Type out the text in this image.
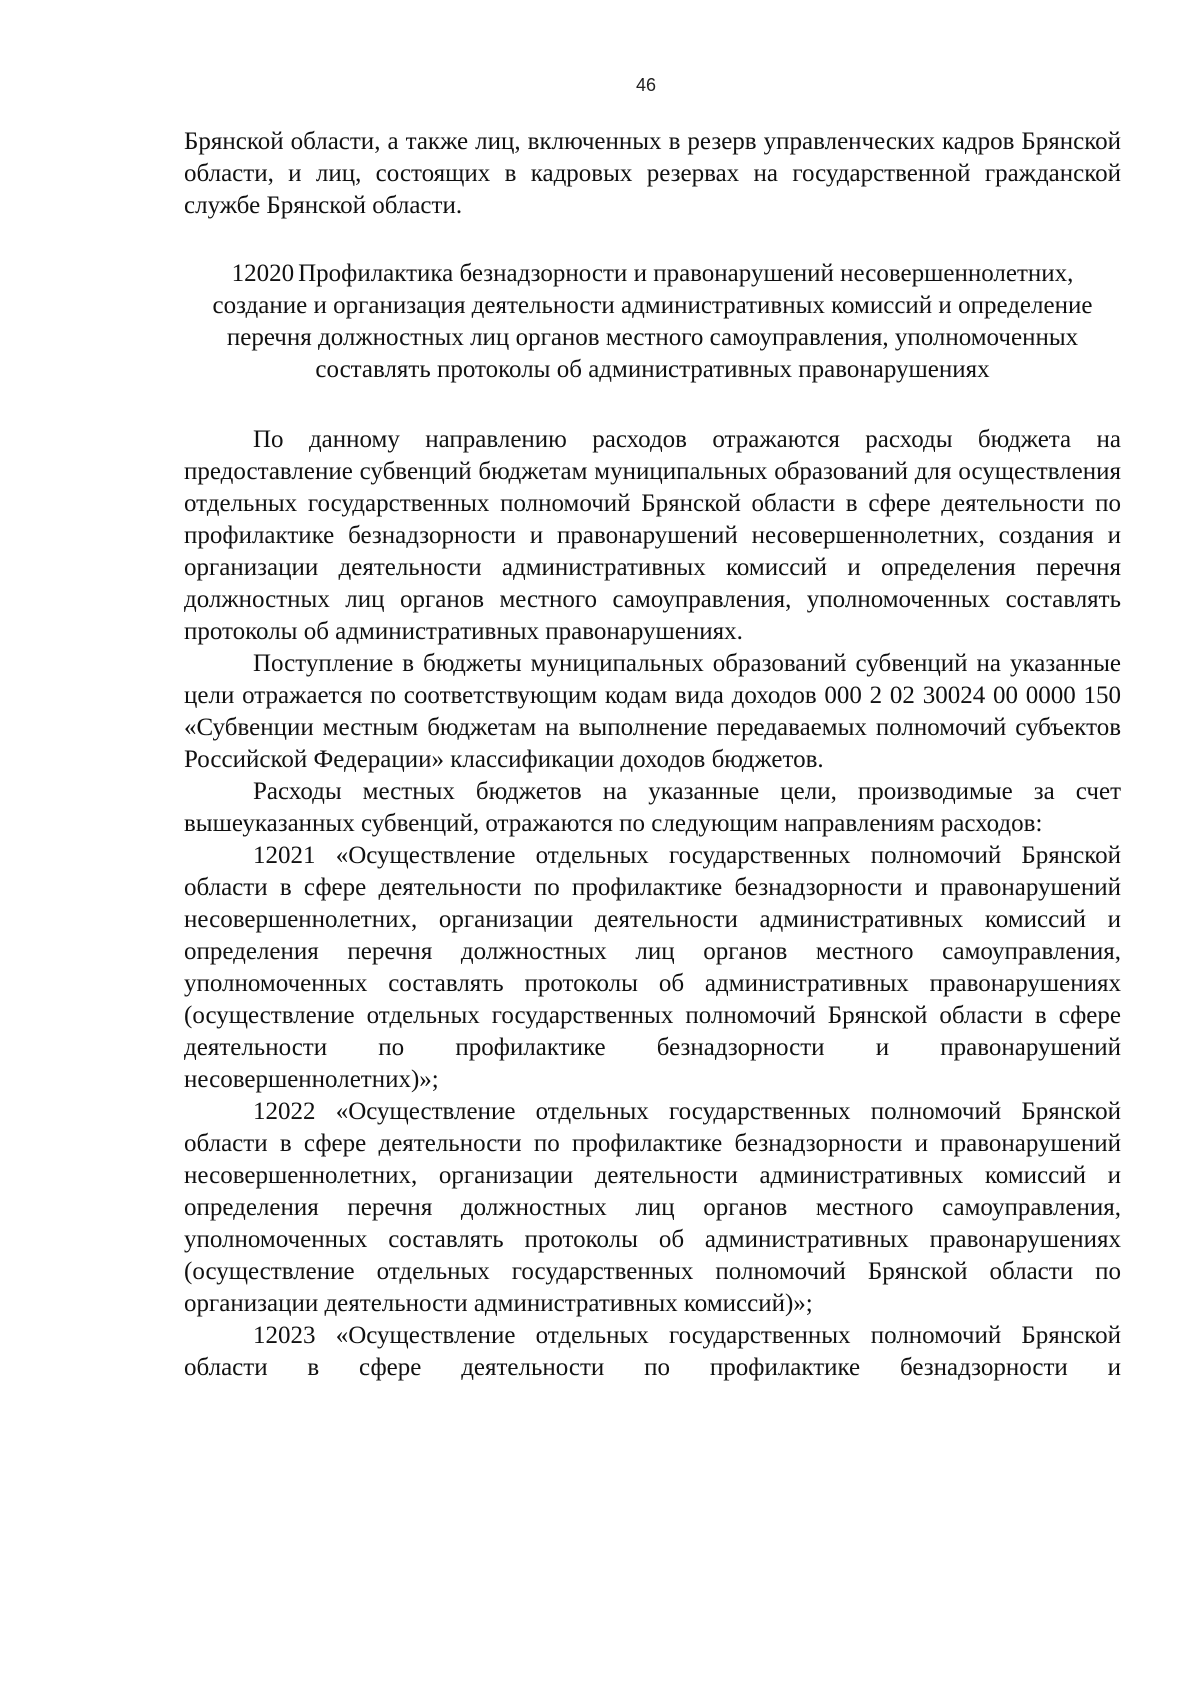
46

Брянской области, а также лиц, включенных в резерв управленческих кадров Брянской области, и лиц, состоящих в кадровых резервах на государственной гражданской службе Брянской области.

12020 Профилактика безнадзорности и правонарушений несовершеннолетних, создание и организация деятельности административных комиссий и определение перечня должностных лиц органов местного самоуправления, уполномоченных составлять протоколы об административных правонарушениях

По данному направлению расходов отражаются расходы бюджета на предоставление субвенций бюджетам муниципальных образований для осуществления отдельных государственных полномочий Брянской области в сфере деятельности по профилактике безнадзорности и правонарушений несовершеннолетних, создания и организации деятельности административных комиссий и определения перечня должностных лиц органов местного самоуправления, уполномоченных составлять протоколы об административных правонарушениях.

Поступление в бюджеты муниципальных образований субвенций на указанные цели отражается по соответствующим кодам вида доходов 000 2 02 30024 00 0000 150 «Субвенции местным бюджетам на выполнение передаваемых полномочий субъектов Российской Федерации» классификации доходов бюджетов.

Расходы местных бюджетов на указанные цели, производимые за счет вышеуказанных субвенций, отражаются по следующим направлениям расходов:

12021 «Осуществление отдельных государственных полномочий Брянской области в сфере деятельности по профилактике безнадзорности и правонарушений несовершеннолетних, организации деятельности административных комиссий и определения перечня должностных лиц органов местного самоуправления, уполномоченных составлять протоколы об административных правонарушениях (осуществление отдельных государственных полномочий Брянской области в сфере деятельности по профилактике безнадзорности и правонарушений несовершеннолетних)»;

12022 «Осуществление отдельных государственных полномочий Брянской области в сфере деятельности по профилактике безнадзорности и правонарушений несовершеннолетних, организации деятельности административных комиссий и определения перечня должностных лиц органов местного самоуправления, уполномоченных составлять протоколы об административных правонарушениях (осуществление отдельных государственных полномочий Брянской области по организации деятельности административных комиссий)»;

12023 «Осуществление отдельных государственных полномочий Брянской области в сфере деятельности по профилактике безнадзорности и
